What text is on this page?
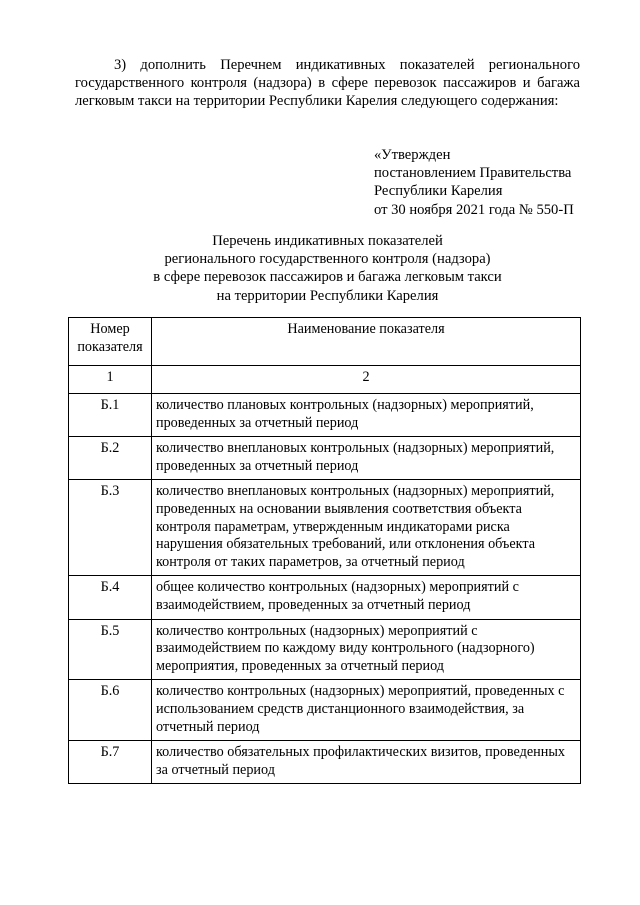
3) дополнить Перечнем индикативных показателей регионального государственного контроля (надзора) в сфере перевозок пассажиров и багажа легковым такси на территории Республики Карелия следующего содержания:
«Утвержден
постановлением Правительства
Республики Карелия
от 30 ноября 2021 года № 550-П
Перечень индикативных показателей
регионального государственного контроля (надзора)
в сфере перевозок пассажиров и багажа легковым такси
на территории Республики Карелия
Номер показателя	Наименование показателя
1	2
Б.1	количество плановых контрольных (надзорных) мероприятий, проведенных за отчетный период
Б.2	количество внеплановых контрольных (надзорных) мероприятий, проведенных за отчетный период
Б.3	количество внеплановых контрольных (надзорных) мероприятий, проведенных на основании выявления соответствия объекта контроля параметрам, утвержденным индикаторами риска нарушения обязательных требований, или отклонения объекта контроля от таких параметров, за отчетный период
Б.4	общее количество контрольных (надзорных) мероприятий с взаимодействием, проведенных за отчетный период
Б.5	количество контрольных (надзорных) мероприятий с взаимодействием по каждому виду контрольного (надзорного) мероприятия, проведенных за отчетный период
Б.6	количество контрольных (надзорных) мероприятий, проведенных с использованием средств дистанционного взаимодействия, за отчетный период
Б.7	количество обязательных профилактических визитов, проведенных за отчетный период
